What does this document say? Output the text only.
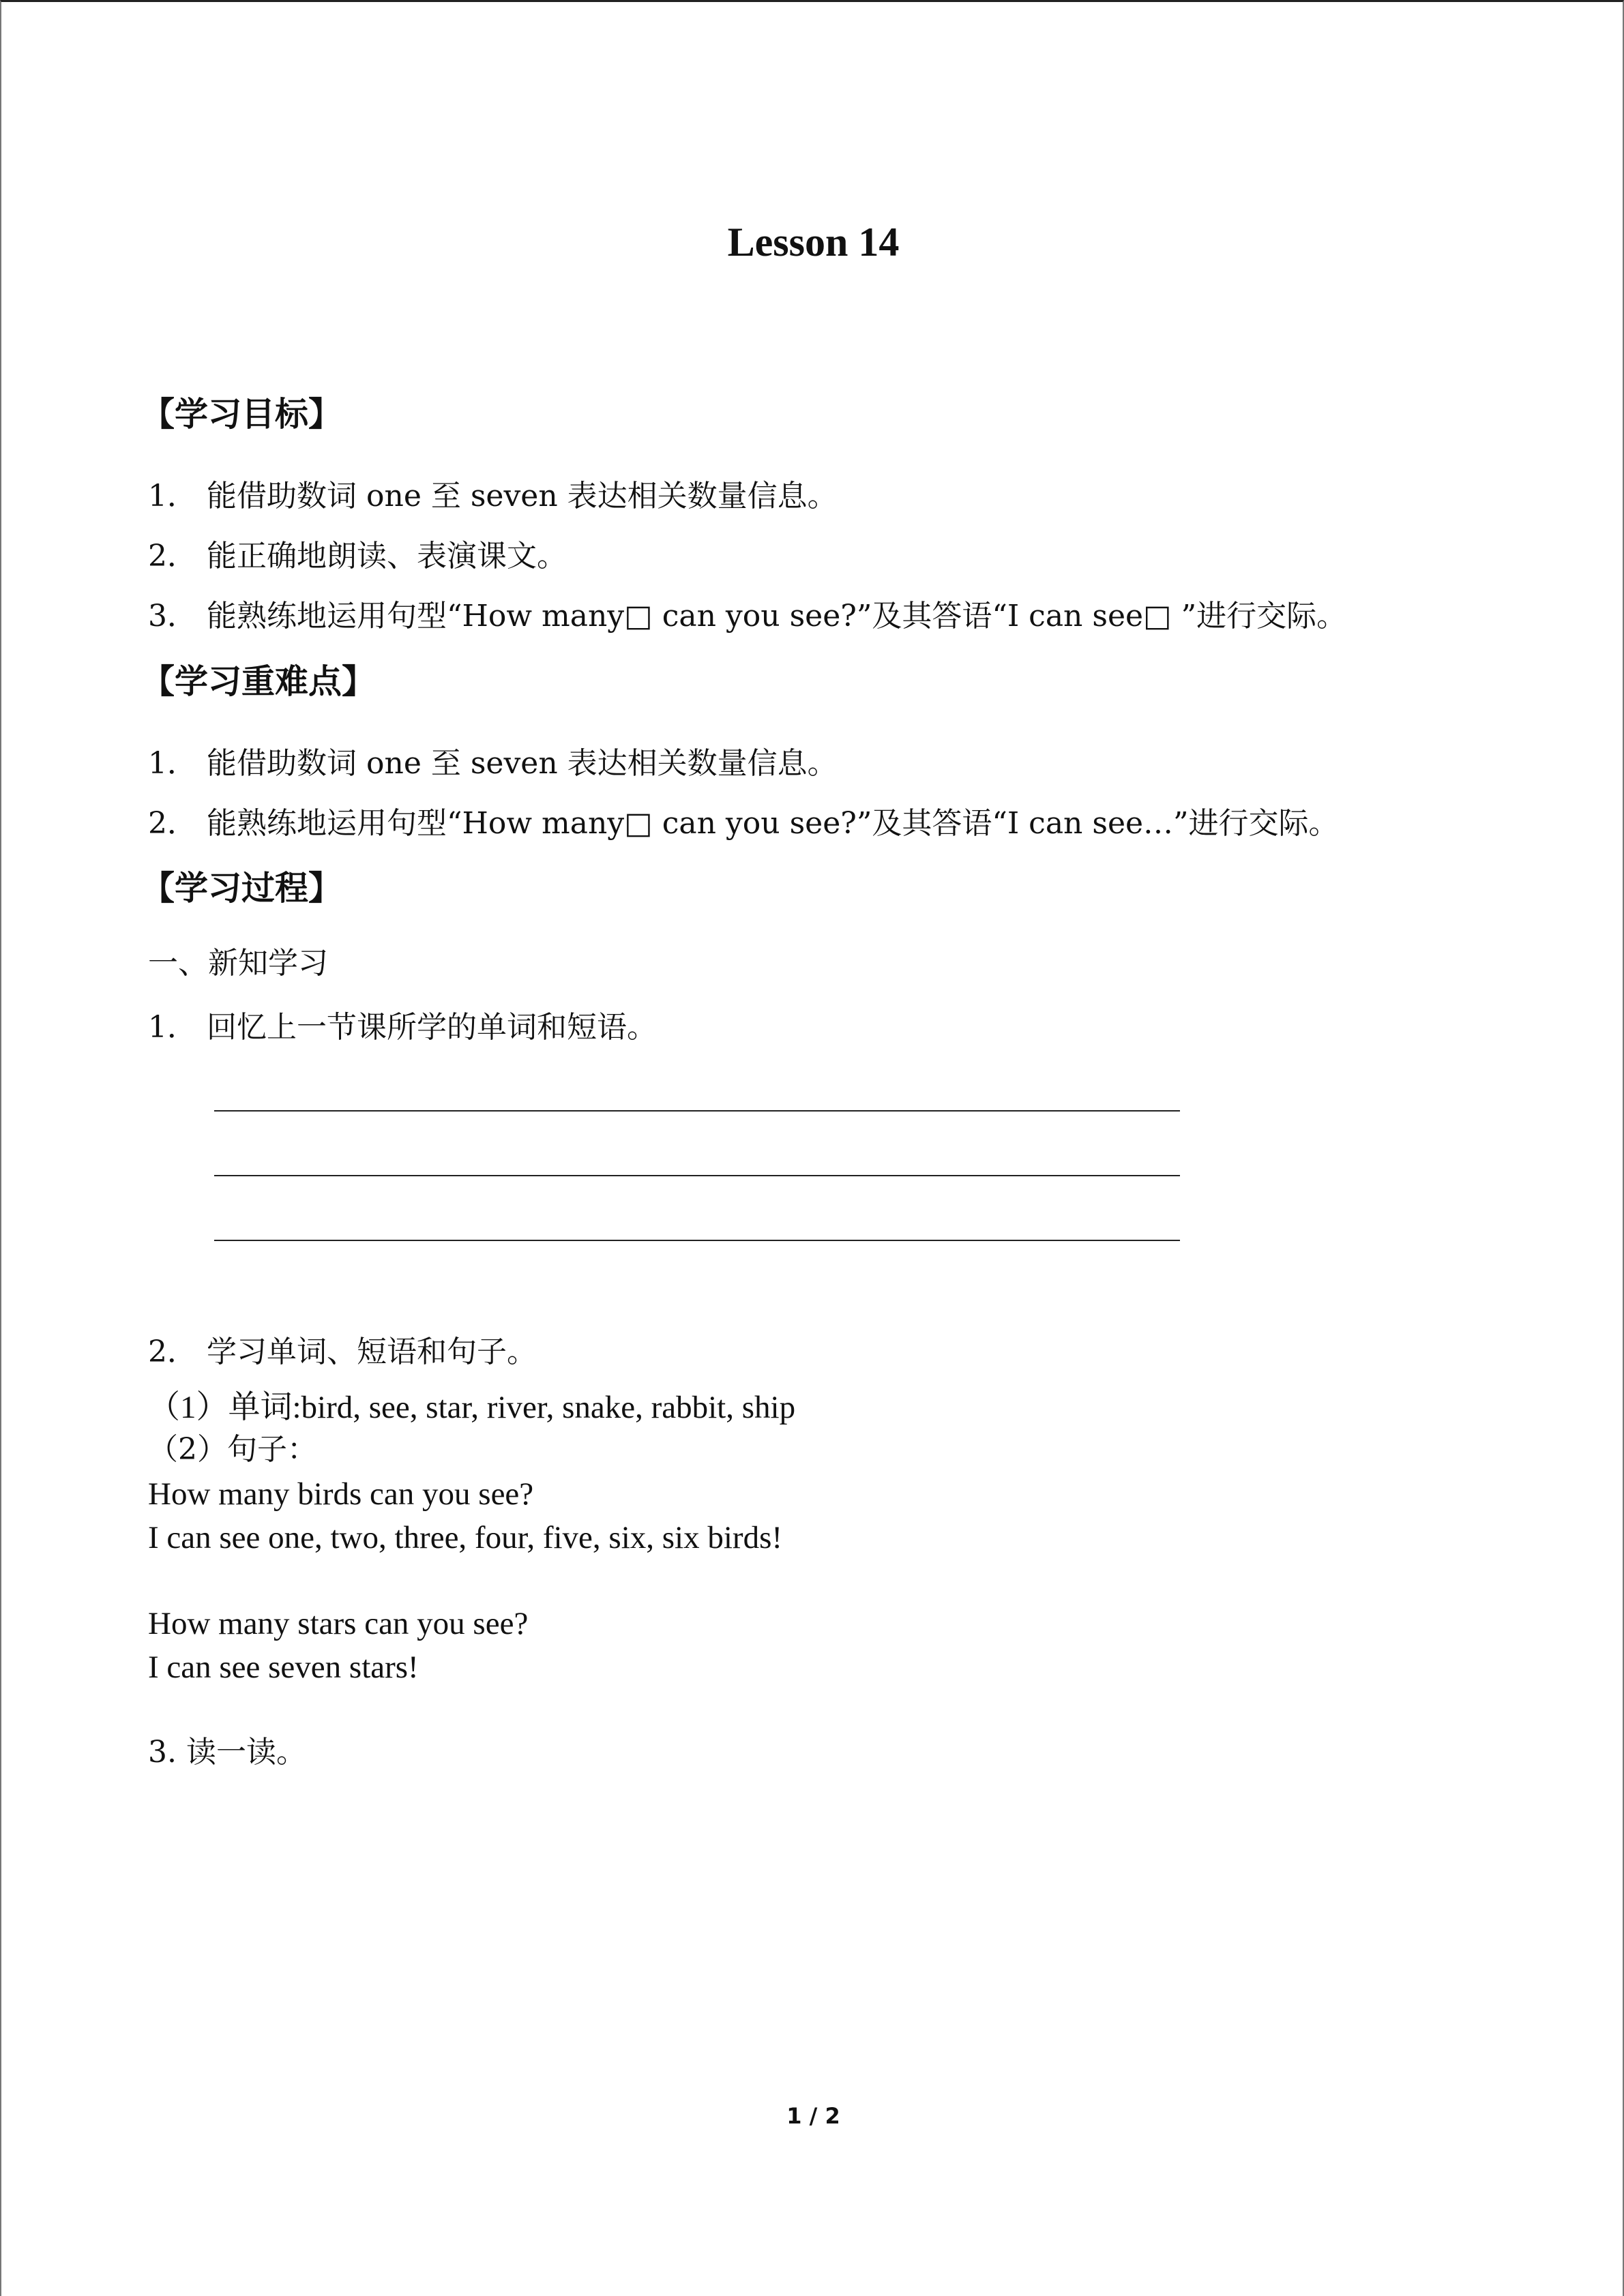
Lesson 14
【学习目标】
1． 能借助数词 one 至 seven 表达相关数量信息。
2． 能正确地朗读、表演课文。
3． 能熟练地运用句型“How many□ can you see?”及其答语“I can see□ ”进行交际。
【学习重难点】
1． 能借助数词 one 至 seven 表达相关数量信息。
2． 能熟练地运用句型“How many□ can you see?”及其答语“I can see…”进行交际。
【学习过程】
一、新知学习
1． 回忆上一节课所学的单词和短语。
2． 学习单词、短语和句子。
（1）单词:bird, see, star, river, snake, rabbit, ship
（2）句子：
How many birds can you see?
I can see one, two, three, four, five, six, six birds!
How many stars can you see?
I can see seven stars!
3. 读一读。
1 / 2
